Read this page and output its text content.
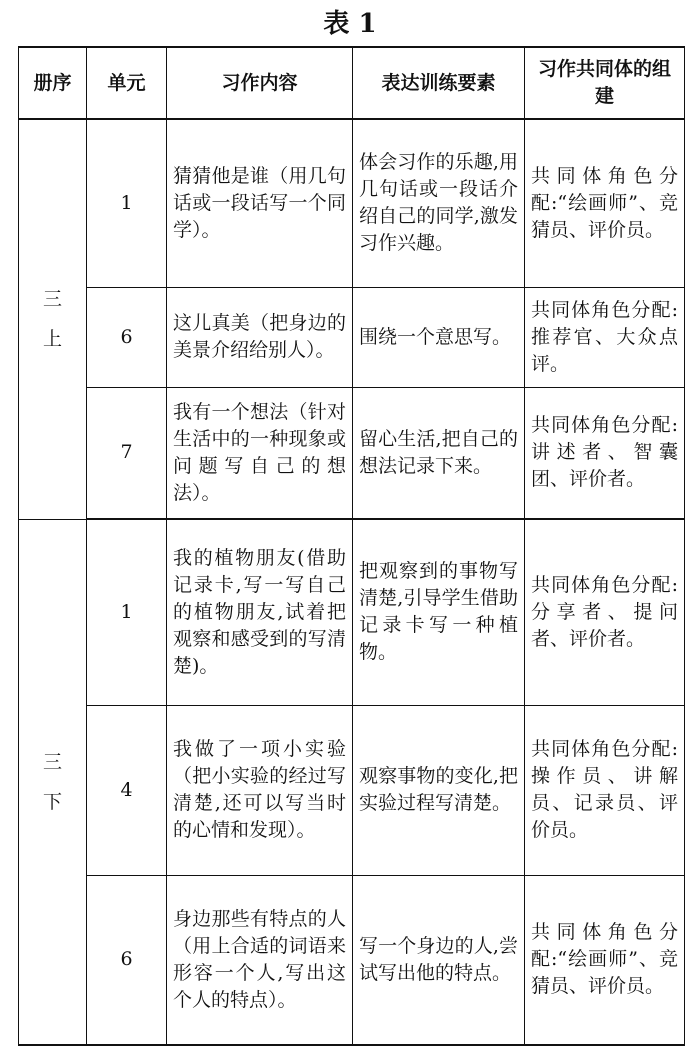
表 1
册序	单元	习作内容	表达训练要素	习作共同体的组建
三上	1	猜猜他是谁（用几句话或一段话写一个同学）。	体会习作的乐趣,用几句话或一段话介绍自己的同学,激发习作兴趣。	共同体角色分配:“绘画师”、竞猜员、评价员。
	6	这儿真美（把身边的美景介绍给别人）。	围绕一个意思写。	共同体角色分配:推荐官、大众点评。
	7	我有一个想法（针对生活中的一种现象或问题写自己的想法）。	留心生活,把自己的想法记录下来。	共同体角色分配:讲述者、智囊团、评价者。
三下	1	我的植物朋友(借助记录卡,写一写自己的植物朋友,试着把观察和感受到的写清楚)。	把观察到的事物写清楚,引导学生借助记录卡写一种植物。	共同体角色分配:分享者、提问者、评价者。
	4	我做了一项小实验（把小实验的经过写清楚,还可以写当时的心情和发现）。	观察事物的变化,把实验过程写清楚。	共同体角色分配:操作员、讲解员、记录员、评价员。
	6	身边那些有特点的人（用上合适的词语来形容一个人,写出这个人的特点）。	写一个身边的人,尝试写出他的特点。	共同体角色分配:“绘画师”、竞猜员、评价员。
